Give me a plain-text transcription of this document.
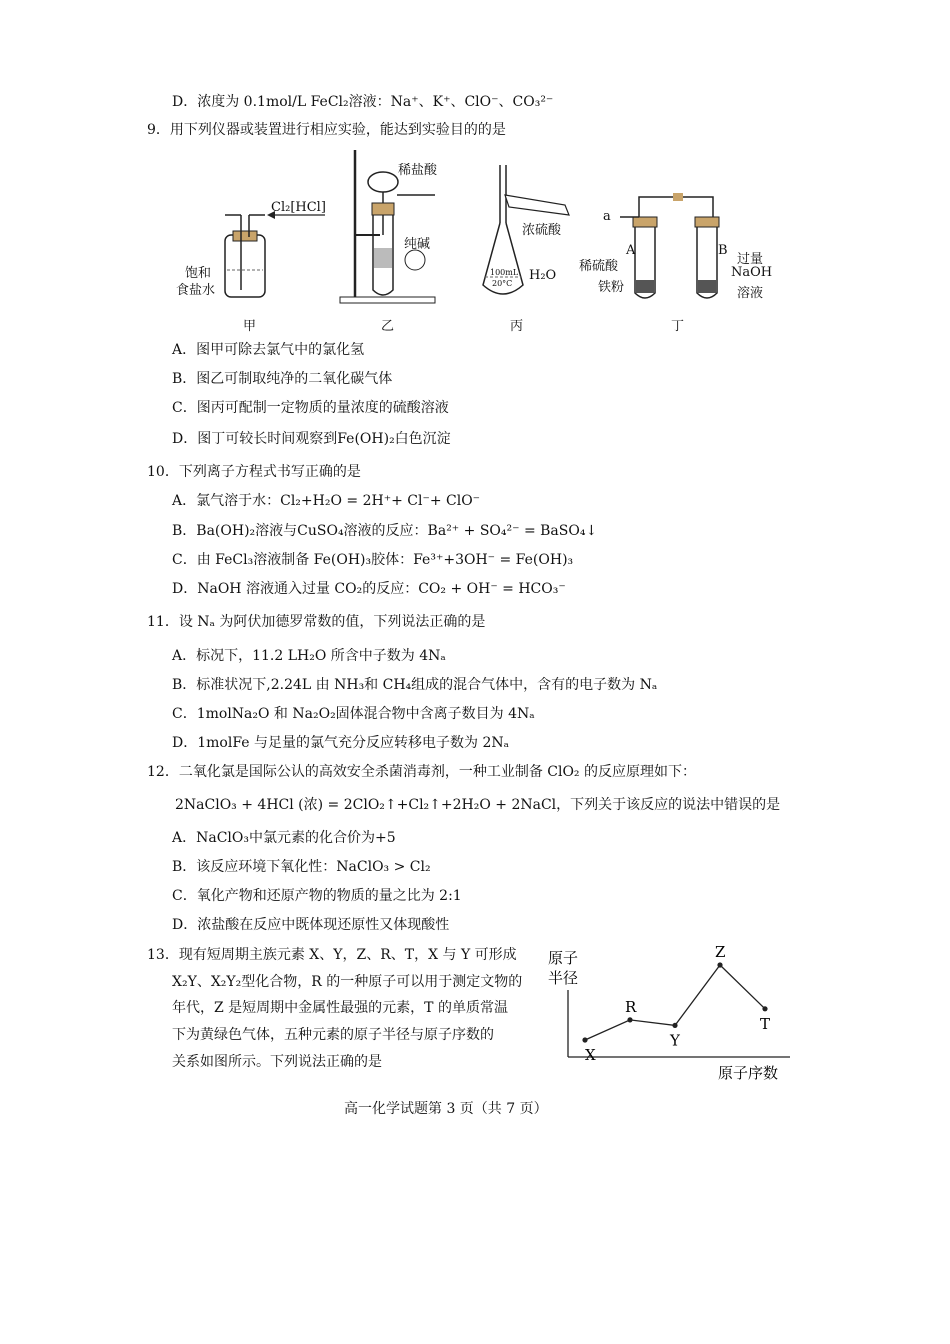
D．浓度为 0.1mol/L FeCl₂溶液：Na⁺、K⁺、ClO⁻、CO₃²⁻
9．用下列仪器或装置进行相应实验，能达到实验目的的是
Cl₂[HCl]
饱和
食盐水
甲
稀盐酸
纯碱
乙
浓硫酸
H₂O
100mL
20°C
丙
a
A	B
稀硫酸
铁粉
过量
NaOH
溶液
丁
A．图甲可除去氯气中的氯化氢
B．图乙可制取纯净的二氧化碳气体
C．图丙可配制一定物质的量浓度的硫酸溶液
D．图丁可较长时间观察到Fe(OH)₂白色沉淀
10．下列离子方程式书写正确的是
A．氯气溶于水：Cl₂+H₂O = 2H⁺+ Cl⁻+ ClO⁻
B．Ba(OH)₂溶液与CuSO₄溶液的反应：Ba²⁺ + SO₄²⁻ = BaSO₄↓
C．由 FeCl₃溶液制备 Fe(OH)₃胶体：Fe³⁺+3OH⁻ = Fe(OH)₃
D．NaOH 溶液通入过量 CO₂的反应：CO₂ + OH⁻ = HCO₃⁻
11．设 Nₐ 为阿伏加德罗常数的值，下列说法正确的是
A．标况下，11.2 LH₂O 所含中子数为 4Nₐ
B．标准状况下,2.24L 由 NH₃和 CH₄组成的混合气体中，含有的电子数为 Nₐ
C．1molNa₂O 和 Na₂O₂固体混合物中含离子数目为 4Nₐ
D．1molFe 与足量的氯气充分反应转移电子数为 2Nₐ
12．二氧化氯是国际公认的高效安全杀菌消毒剂，一种工业制备 ClO₂ 的反应原理如下：
2NaClO₃ + 4HCl (浓) = 2ClO₂↑+Cl₂↑+2H₂O + 2NaCl，下列关于该反应的说法中错误的是
A．NaClO₃中氯元素的化合价为+5
B．该反应环境下氧化性：NaClO₃ > Cl₂
C．氧化产物和还原产物的物质的量之比为 2:1
D．浓盐酸在反应中既体现还原性又体现酸性
13．现有短周期主族元素 X、Y，Z、R、T，X 与 Y 可形成
X₂Y、X₂Y₂型化合物，R 的一种原子可以用于测定文物的
年代，Z 是短周期中金属性最强的元素，T 的单质常温
下为黄绿色气体，五种元素的原子半径与原子序数的
关系如图所示。下列说法正确的是
原子
半径
原子序数
X
R
Y
Z
T
高一化学试题第 3 页（共 7 页）
